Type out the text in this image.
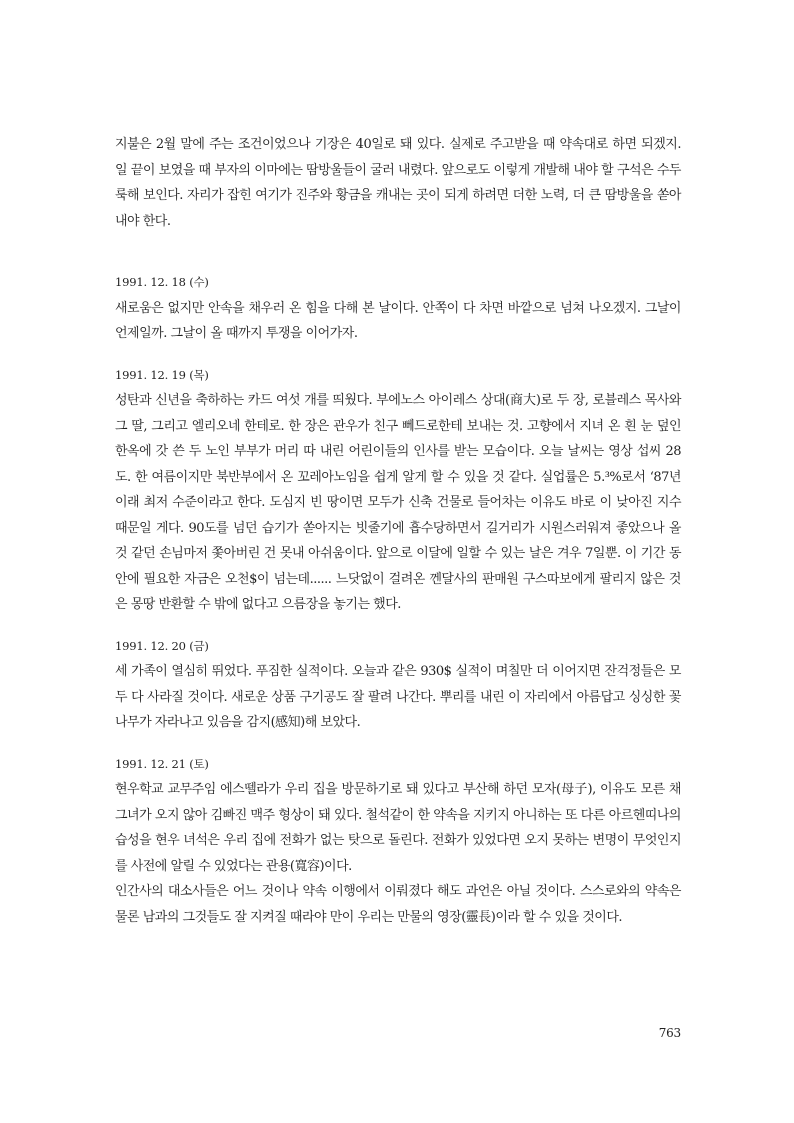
지불은 2월 말에 주는 조건이었으나 기장은 40일로 돼 있다. 실제로 주고받을 때 약속대로 하면 되겠지. 일 끝이 보였을 때 부자의 이마에는 땀방울들이 굴러 내렸다. 앞으로도 이렇게 개발해 내야 할 구석은 수두룩해 보인다. 자리가 잡힌 여기가 진주와 황금을 캐내는 곳이 되게 하려면 더한 노력, 더 큰 땀방울을 쏟아 내야 한다.

1991. 12. 18 (수)

새로움은 없지만 안속을 채우러 온 힘을 다해 본 날이다. 안쪽이 다 차면 바깥으로 넘쳐 나오겠지. 그날이 언제일까. 그날이 올 때까지 투쟁을 이어가자.

1991. 12. 19 (목)

성탄과 신년을 축하하는 카드 여섯 개를 띄웠다. 부에노스 아이레스 상대(商大)로 두 장, 로블레스 목사와 그 딸, 그리고 엘리오네 한테로. 한 장은 관우가 친구 뻬드로한테 보내는 것. 고향에서 지녀 온 흰 눈 덮인 한옥에 갓 쓴 두 노인 부부가 머리 따 내린 어린이들의 인사를 받는 모습이다. 오늘 날씨는 영상 섭씨 28도. 한 여름이지만 북반부에서 온 꼬레아노임을 쉽게 알게 할 수 있을 것 같다. 실업률은 5.³%로서 ‘87년 이래 최저 수준이라고 한다. 도심지 빈 땅이면 모두가 신축 건물로 들어차는 이유도 바로 이 낮아진 지수 때문일 게다. 90도를 넘던 습기가 쏟아지는 빗줄기에 흡수당하면서 길거리가 시원스러워져 좋았으나 올 것 같던 손님마저 쫓아버린 건 못내 아쉬움이다. 앞으로 이달에 일할 수 있는 날은 겨우 7일뿐. 이 기간 동안에 필요한 자금은 오천$이 넘는데...... 느닷없이 걸려온 껜달사의 판매원 구스따보에게 팔리지 않은 것은 몽땅 반환할 수 밖에 없다고 으름장을 놓기는 했다.

1991. 12. 20 (금)

세 가족이 열심히 뛰었다. 푸짐한 실적이다. 오늘과 같은 930$ 실적이 며칠만 더 이어지면 잔걱정들은 모두 다 사라질 것이다. 새로운 상품 구기공도 잘 팔려 나간다. 뿌리를 내린 이 자리에서 아름답고 싱싱한 꽃나무가 자라나고 있음을 감지(感知)해 보았다.

1991. 12. 21 (토)

현우학교 교무주임 에스뗄라가 우리 집을 방문하기로 돼 있다고 부산해 하던 모자(母子), 이유도 모른 채 그녀가 오지 않아 김빠진 맥주 형상이 돼 있다. 철석같이 한 약속을 지키지 아니하는 또 다른 아르헨띠나의 습성을 현우 녀석은 우리 집에 전화가 없는 탓으로 돌린다. 전화가 있었다면 오지 못하는 변명이 무엇인지를 사전에 알릴 수 있었다는 관용(寬容)이다.

인간사의 대소사들은 어느 것이나 약속 이행에서 이뤄졌다 해도 과언은 아닐 것이다. 스스로와의 약속은 물론 남과의 그것들도 잘 지켜질 때라야 만이 우리는 만물의 영장(靈長)이라 할 수 있을 것이다.

763
